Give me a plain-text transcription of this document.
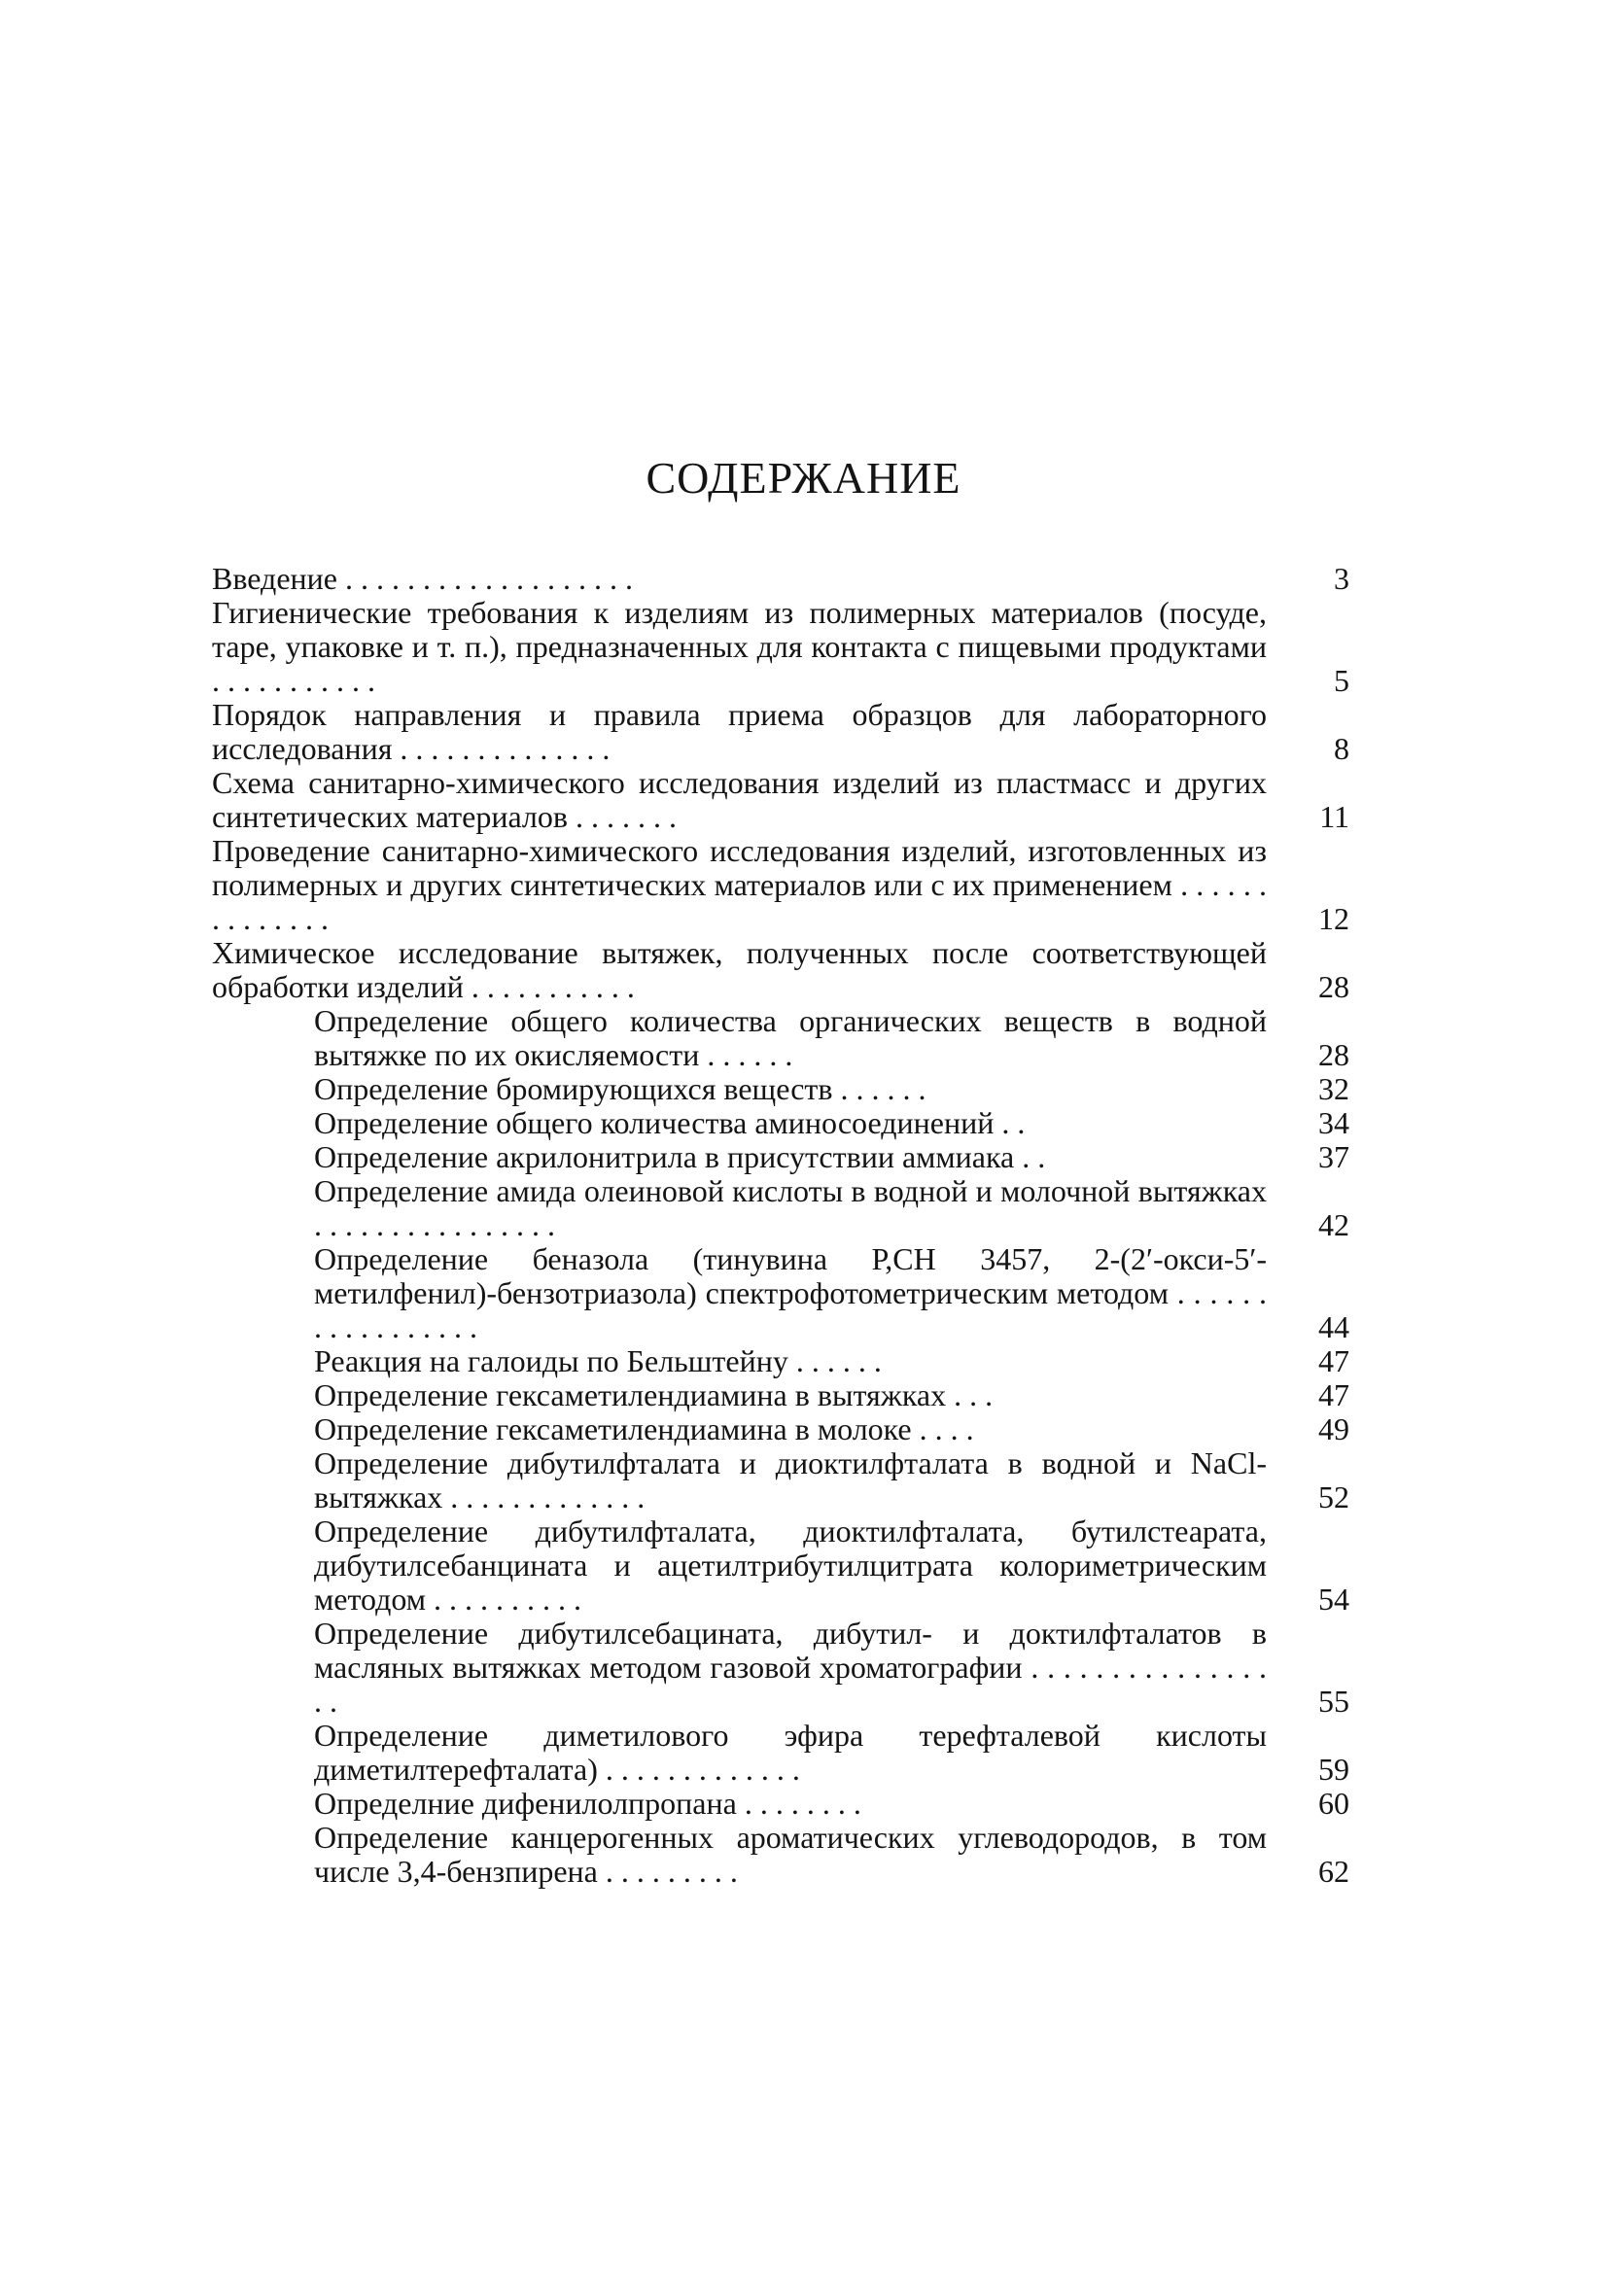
СОДЕРЖАНИЕ
Введение . . . . . . . . . . . . . . . . . . .	3
Гигиенические требования к изделиям из полимерных материалов (посуде, таре, упаковке и т. п.), предназначенных для контакта с пищевыми продуктами . . . . . . . . . . .	5
Порядок направления и правила приема образцов для лабораторного исследования . . . . . . . . . . . . . .	8
Схема санитарно-химического исследования изделий из пластмасс и других синтетических материалов . . . . . . .	11
Проведение санитарно-химического исследования изделий, изготовленных из полимерных и других синтетических материалов или с их применением . . . . . . . . . . . . . .	12
Химическое исследование вытяжек, полученных после соответствующей обработки изделий . . . . . . . . . . .	28
Определение общего количества органических веществ в водной вытяжке по их окисляемости . . . . . .	28
Определение бромирующихся веществ . . . . . .	32
Определение общего количества аминосоединений . .	34
Определение акрилонитрила в присутствии аммиака . .	37
Определение амида олеиновой кислоты в водной и молочной вытяжках . . . . . . . . . . . . . . . .	42
Определение беназола (тинувина Р,СН 3457, 2-(2′-окси-5′-метилфенил)-бензотриазола) спектрофотометрическим методом . . . . . . . . . . . . . . . . .	44
Реакция на галоиды по Бельштейну . . . . . .	47
Определение гексаметилендиамина в вытяжках . . .	47
Определение гексаметилендиамина в молоке . . . .	49
Определение дибутилфталата и диоктилфталата в водной и NaCl-вытяжках . . . . . . . . . . . . .	52
Определение дибутилфталата, диоктилфталата, бутилстеарата, дибутилсебанцината и ацетилтрибутилцитрата колориметрическим методом . . . . . . . . . .	54
Определение дибутилсебацината, дибутил- и доктилфталатов в масляных вытяжках методом газовой хроматографии . . . . . . . . . . . . . . . . .	55
Определение диметилового эфира терефталевой кислоты диметилтерефталата) . . . . . . . . . . . . .	59
Определние дифенилолпропана . . . . . . . .	60
Определение канцерогенных ароматических углеводородов, в том числе 3,4-бензпирена . . . . . . . . .	62
